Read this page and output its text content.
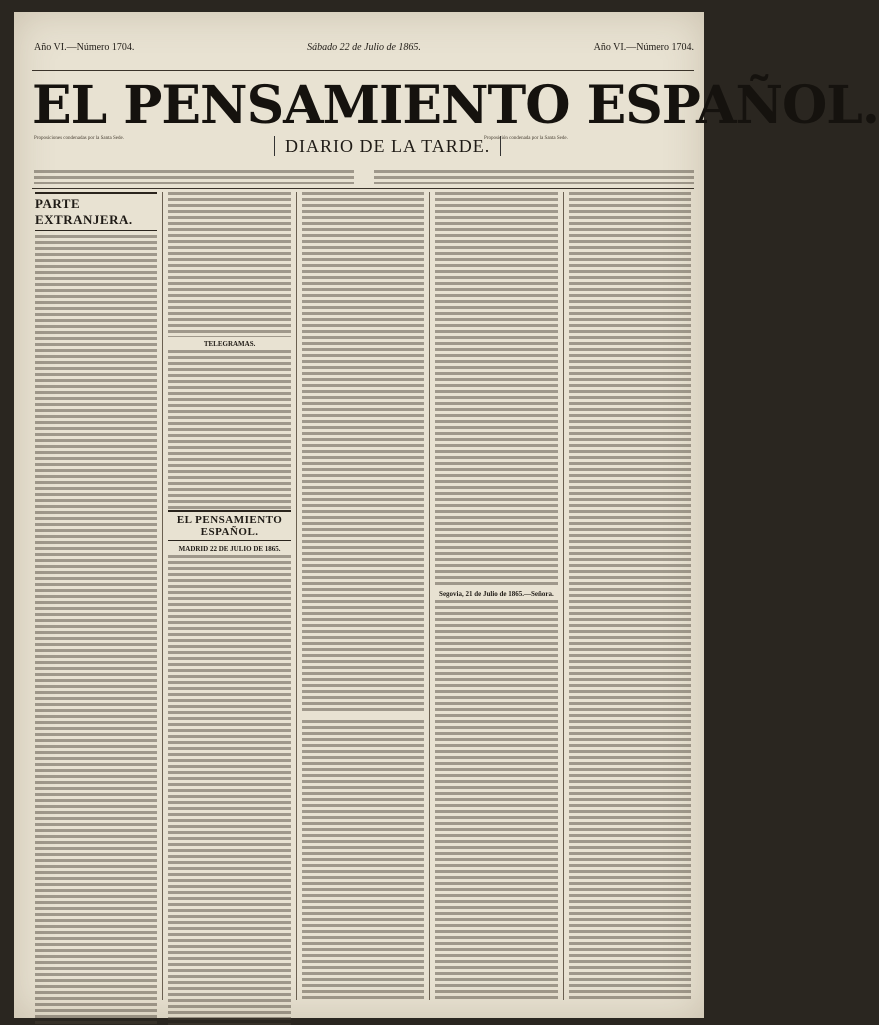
Año VI.—Número 1704.	Sábado 22 de Julio de 1865.	Año VI.—Número 1704.
EL PENSAMIENTO ESPAÑOL.
Proposiciones condenadas por la Santa Sede.	DIARIO DE LA TARDE.
Proposición condenada por la Santa Sede.
PARTE EXTRANJERA.
TELEGRAMAS.
EL PENSAMIENTO ESPAÑOL.
MADRID 22 DE JULIO DE 1865.
Segovia, 21 de Julio de 1865.—Señora.
